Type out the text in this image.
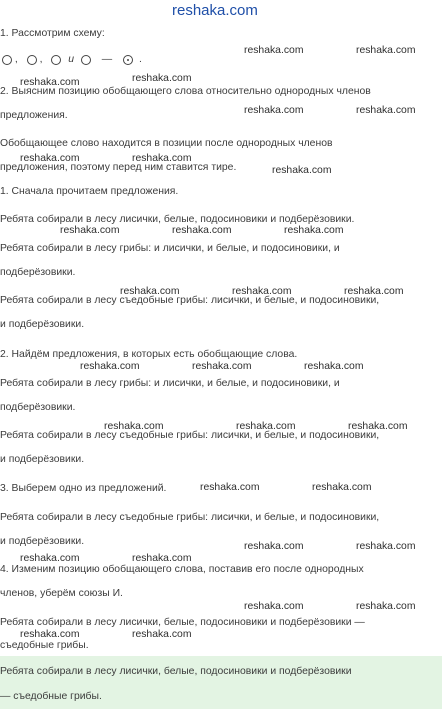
reshaka.com
, , и	—	.
1. Рассмотрим схему:
2. Выясним позицию обобщающего слова относительно однородных членов
предложения.
Обобщающее слово находится в позиции после однородных членов
предложения, поэтому перед ним ставится тире.
1. Сначала прочитаем предложения.
Ребята собирали в лесу лисички, белые, подосиновики и подберёзовики.
Ребята собирали в лесу грибы: и лисички, и белые, и подосиновики, и
подберёзовики.
Ребята собирали в лесу съедобные грибы: лисички, и белые, и подосиновики,
и подберёзовики.
2. Найдём предложения, в которых есть обобщающие слова.
Ребята собирали в лесу грибы: и лисички, и белые, и подосиновики, и
подберёзовики.
Ребята собирали в лесу съедобные грибы: лисички, и белые, и подосиновики,
и подберёзовики.
3. Выберем одно из предложений.
Ребята собирали в лесу съедобные грибы: лисички, и белые, и подосиновики,
и подберёзовики.
4. Изменим позицию обобщающего слова, поставив его после однородных
членов, уберём союзы И.
Ребята собирали в лесу лисички, белые, подосиновики и подберёзовики —
съедобные грибы.
Ребята собирали в лесу лисички, белые, подосиновики и подберёзовики
— съедобные грибы.
reshaka.com	reshaka.com
reshaka.com	reshaka.com
reshaka.com	reshaka.com
reshaka.com	reshaka.com
reshaka.com
reshaka.com	reshaka.com	reshaka.com
reshaka.com	reshaka.com	reshaka.com
reshaka.com	reshaka.com	reshaka.com
reshaka.com	reshaka.com	reshaka.com
reshaka.com	reshaka.com
reshaka.com	reshaka.com
reshaka.com	reshaka.com
reshaka.com	reshaka.com
reshaka.com	reshaka.com
